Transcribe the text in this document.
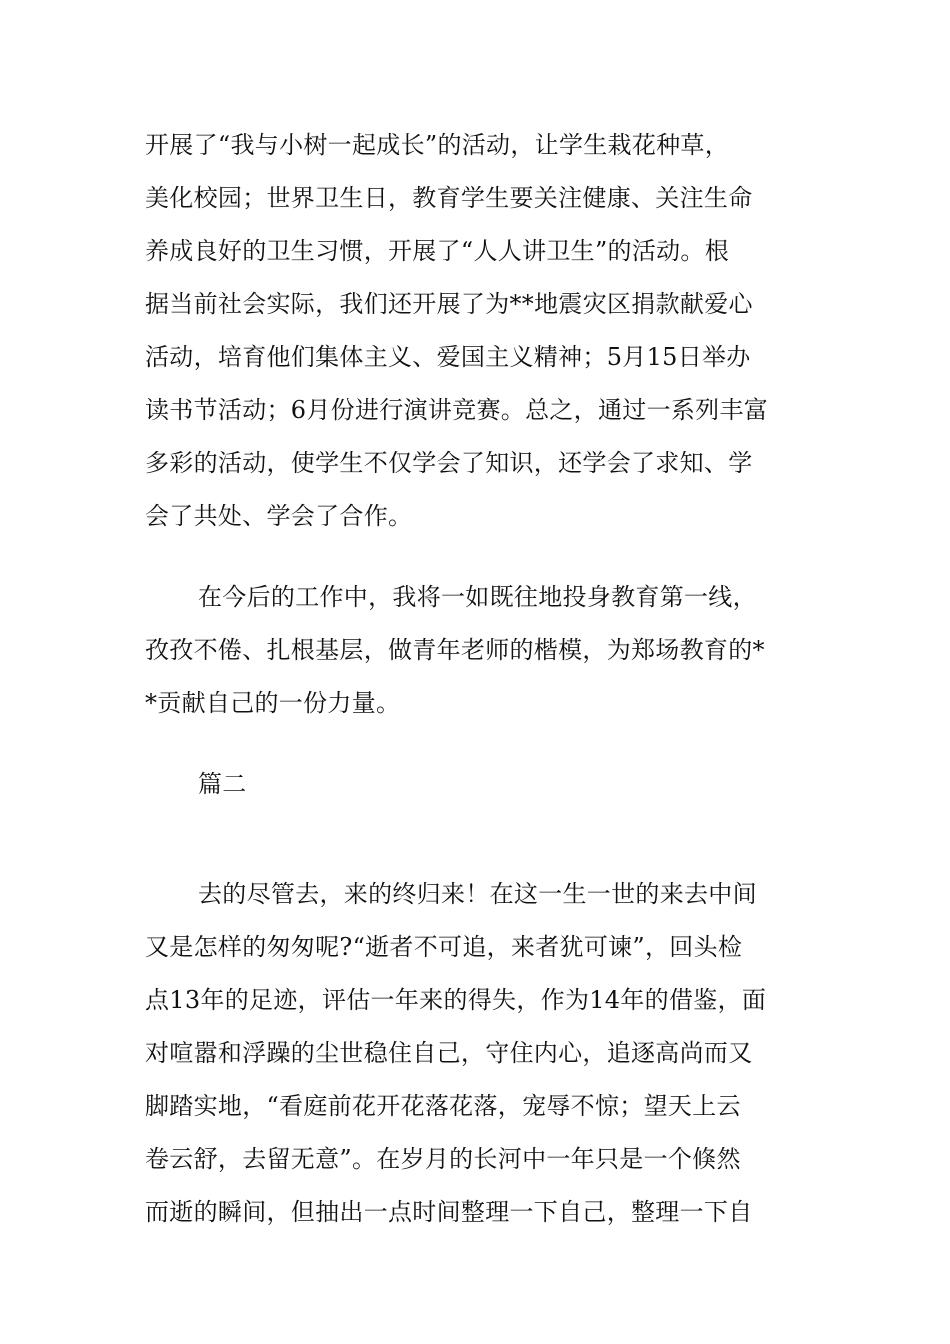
开展了“我与小树一起成长”的活动，让学生栽花种草，
美化校园；世界卫生日，教育学生要关注健康、关注生命
养成良好的卫生习惯，开展了“人人讲卫生”的活动。根
据当前社会实际，我们还开展了为**地震灾区捐款献爱心
活动，培育他们集体主义、爱国主义精神；5月15日举办
读书节活动；6月份进行演讲竞赛。总之，通过一系列丰富
多彩的活动，使学生不仅学会了知识，还学会了求知、学
会了共处、学会了合作。
在今后的工作中，我将一如既往地投身教育第一线，
孜孜不倦、扎根基层，做青年老师的楷模，为郑场教育的*
*贡献自己的一份力量。
篇二
去的尽管去，来的终归来！在这一生一世的来去中间
又是怎样的匆匆呢?“逝者不可追，来者犹可谏”，回头检
点13年的足迹，评估一年来的得失，作为14年的借鉴，面
对喧嚣和浮躁的尘世稳住自己，守住内心，追逐高尚而又
脚踏实地，“看庭前花开花落花落，宠辱不惊；望天上云
卷云舒，去留无意”。在岁月的长河中一年只是一个倏然
而逝的瞬间，但抽出一点时间整理一下自己，整理一下自
